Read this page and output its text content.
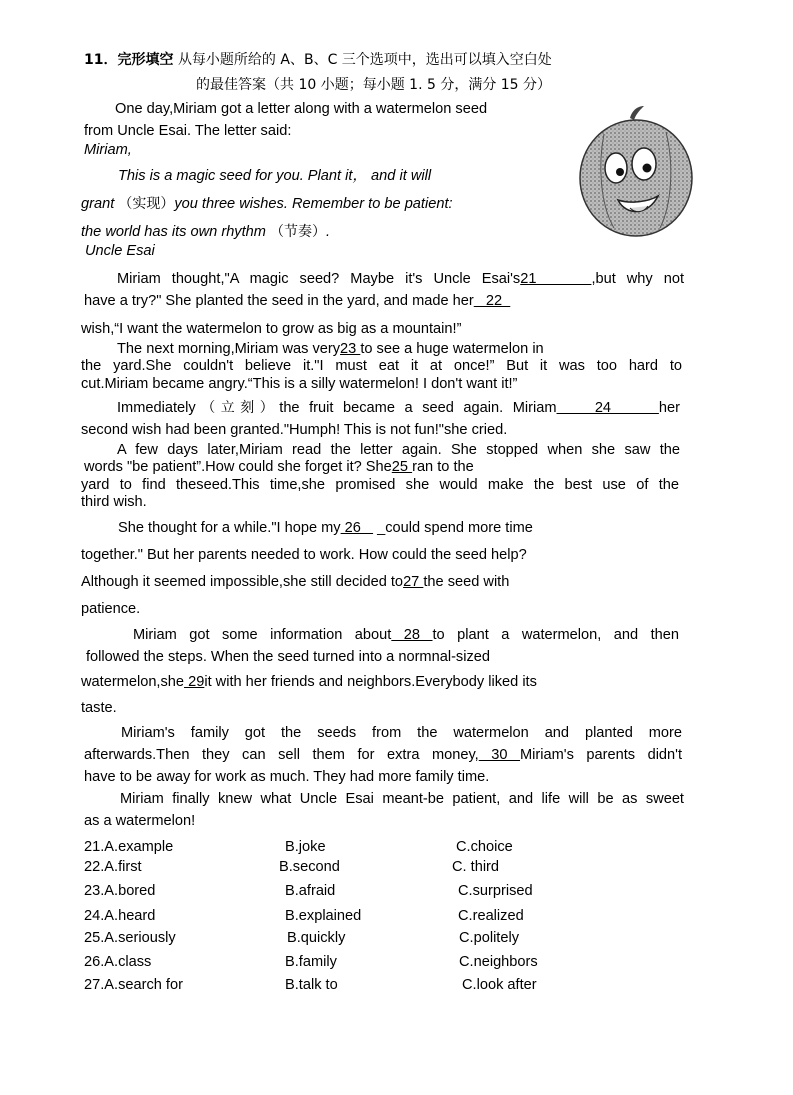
11．完形填空 从每小题所给的 A、B、C 三个选项中，选出可以填入空白处
的最佳答案（共 10 小题；每小题 1. 5 分，满分 15 分）
One day,Miriam got a letter along with a watermelon seed
from Uncle Esai. The letter said:
Miriam,
This is a magic seed for you. Plant it， and it will
grant （实现）you three wishes. Remember to be patient:
the world has its own rhythm （节奏）.
Uncle Esai
Miriam thought,"A magic seed? Maybe it's Uncle Esai's21     ,but why not
have a try?" She planted the seed in the yard, and made her   22
wish,“I want the watermelon to grow as big as a mountain!”
The next morning,Miriam was very23 to see a huge watermelon in
the yard.She couldn't believe it."I must eat it at once!” But it was too hard to
cut.Miriam became angry.“This is a silly watermelon! I don't want it!”
Immediately（立刻）the fruit became a seed again. Miriam    24     her
second wish had been granted."Humph! This is not fun!"she cried.
A few days later,Miriam read the letter again. She stopped when she saw the
words "be patient”.How could she forget it? She25 ran to the
yard to find theseed.This time,she promised she would make the best use of the
third wish.
She thought for a while."I hope my 26    _could spend more time
together." But her parents needed to work. How could the seed help?
Although it seemed impossible,she still decided to27 the seed with
patience.
Miriam got some information about 28 to plant a watermelon, and then
followed the steps. When the seed turned into a normnal-sized
watermelon,she 29it with her friends and neighbors.Everybody liked its
taste.
Miriam's family got the seeds from the watermelon and planted more
afterwards.Then they can sell them for extra money, 30 Miriam's parents didn't
have to be away for work as much. They had more family time.
Miriam finally knew what Uncle Esai meant-be patient, and life will be as sweet
as a watermelon!
21.A.example	B.joke	C.choice
22.A.first	B.second	C. third
23.A.bored	B.afraid	C.surprised
24.A.heard	B.explained	C.realized
25.A.seriously	B.quickly	C.politely
26.A.class	B.family	C.neighbors
27.A.search for	B.talk to	C.look after
